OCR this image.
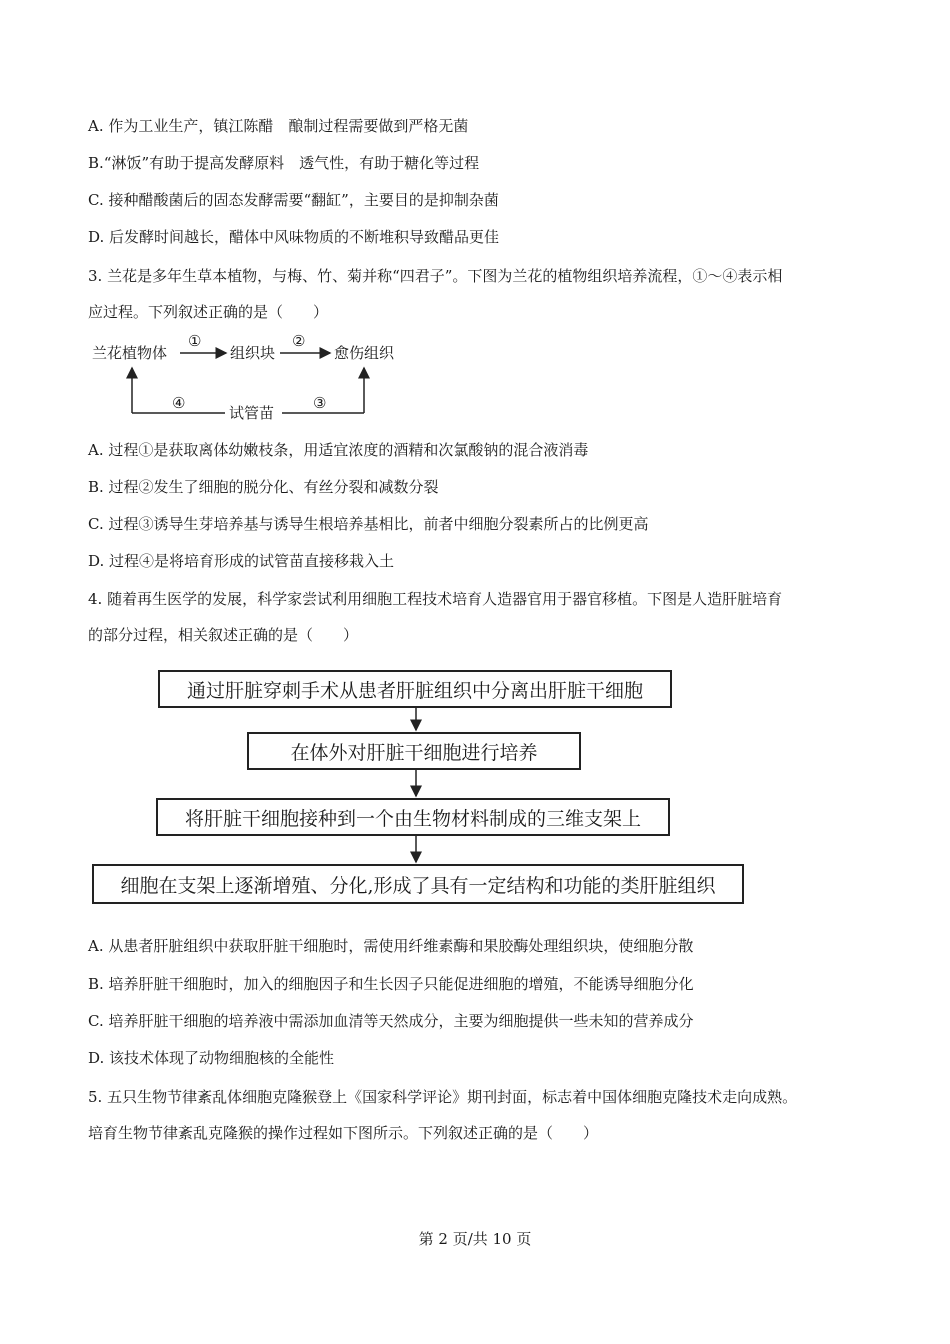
A. 作为工业生产，镇江陈醋　酿制过程需要做到严格无菌
B.“淋饭”有助于提高发酵原料　透气性，有助于糖化等过程
C. 接种醋酸菌后的固态发酵需要“翻缸”，主要目的是抑制杂菌
D. 后发酵时间越长，醋体中风味物质的不断堆积导致醋品更佳
3. 兰花是多年生草本植物，与梅、竹、菊并称“四君子”。下图为兰花的植物组织培养流程，①～④表示相
应过程。下列叙述正确的是（　　）
兰花植物体
①
组织块
②
愈伤组织
④
试管苗
③
A. 过程①是获取离体幼嫩枝条，用适宜浓度的酒精和次氯酸钠的混合液消毒
B. 过程②发生了细胞的脱分化、有丝分裂和减数分裂
C. 过程③诱导生芽培养基与诱导生根培养基相比，前者中细胞分裂素所占的比例更高
D. 过程④是将培育形成的试管苗直接移栽入土
4. 随着再生医学的发展，科学家尝试利用细胞工程技术培育人造器官用于器官移植。下图是人造肝脏培育
的部分过程，相关叙述正确的是（　　）
通过肝脏穿刺手术从患者肝脏组织中分离出肝脏干细胞
在体外对肝脏干细胞进行培养
将肝脏干细胞接种到一个由生物材料制成的三维支架上
细胞在支架上逐渐增殖、分化,形成了具有一定结构和功能的类肝脏组织
A. 从患者肝脏组织中获取肝脏干细胞时，需使用纤维素酶和果胶酶处理组织块，使细胞分散
B. 培养肝脏干细胞时，加入的细胞因子和生长因子只能促进细胞的增殖，不能诱导细胞分化
C. 培养肝脏干细胞的培养液中需添加血清等天然成分，主要为细胞提供一些未知的营养成分
D. 该技术体现了动物细胞核的全能性
5. 五只生物节律紊乱体细胞克隆猴登上《国家科学评论》期刊封面，标志着中国体细胞克隆技术走向成熟。
培育生物节律紊乱克隆猴的操作过程如下图所示。下列叙述正确的是（　　）
第 2 页/共 10 页
